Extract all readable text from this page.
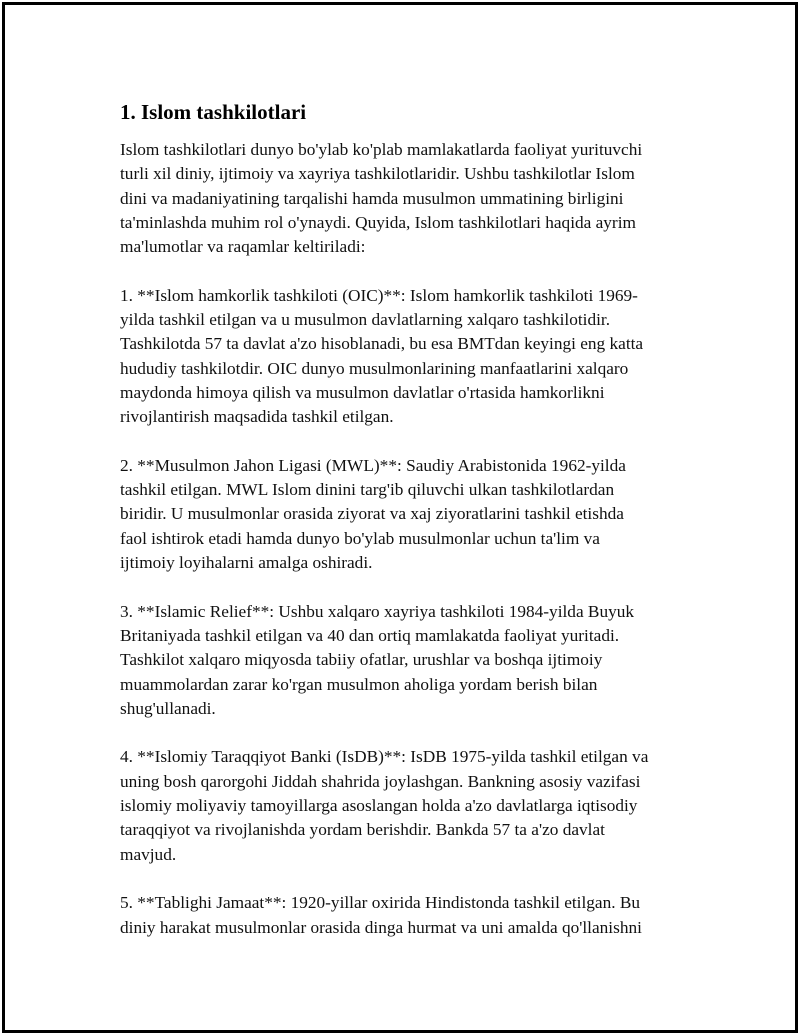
1. Islom tashkilotlari

Islom tashkilotlari dunyo bo'ylab ko'plab mamlakatlarda faoliyat yurituvchi
turli xil diniy, ijtimoiy va xayriya tashkilotlaridir. Ushbu tashkilotlar Islom
dini va madaniyatining tarqalishi hamda musulmon ummatining birligini
ta'minlashda muhim rol o'ynaydi. Quyida, Islom tashkilotlari haqida ayrim
ma'lumotlar va raqamlar keltiriladi:

1. **Islom hamkorlik tashkiloti (OIC)**: Islom hamkorlik tashkiloti 1969-
yilda tashkil etilgan va u musulmon davlatlarning xalqaro tashkilotidir.
Tashkilotda 57 ta davlat a'zo hisoblanadi, bu esa BMTdan keyingi eng katta
hududiy tashkilotdir. OIC dunyo musulmonlarining manfaatlarini xalqaro
maydonda himoya qilish va musulmon davlatlar o'rtasida hamkorlikni
rivojlantirish maqsadida tashkil etilgan.

2. **Musulmon Jahon Ligasi (MWL)**: Saudiy Arabistonida 1962-yilda
tashkil etilgan. MWL Islom dinini targ'ib qiluvchi ulkan tashkilotlardan
biridir. U musulmonlar orasida ziyorat va xaj ziyoratlarini tashkil etishda
faol ishtirok etadi hamda dunyo bo'ylab musulmonlar uchun ta'lim va
ijtimoiy loyihalarni amalga oshiradi.

3. **Islamic Relief**: Ushbu xalqaro xayriya tashkiloti 1984-yilda Buyuk
Britaniyada tashkil etilgan va 40 dan ortiq mamlakatda faoliyat yuritadi.
Tashkilot xalqaro miqyosda tabiiy ofatlar, urushlar va boshqa ijtimoiy
muammolardan zarar ko'rgan musulmon aholiga yordam berish bilan
shug'ullanadi.

4. **Islomiy Taraqqiyot Banki (IsDB)**: IsDB 1975-yilda tashkil etilgan va
uning bosh qarorgohi Jiddah shahrida joylashgan. Bankning asosiy vazifasi
islomiy moliyaviy tamoyillarga asoslangan holda a'zo davlatlarga iqtisodiy
taraqqiyot va rivojlanishda yordam berishdir. Bankda 57 ta a'zo davlat
mavjud.

5. **Tablighi Jamaat**: 1920-yillar oxirida Hindistonda tashkil etilgan. Bu
diniy harakat musulmonlar orasida dinga hurmat va uni amalda qo'llanishni
